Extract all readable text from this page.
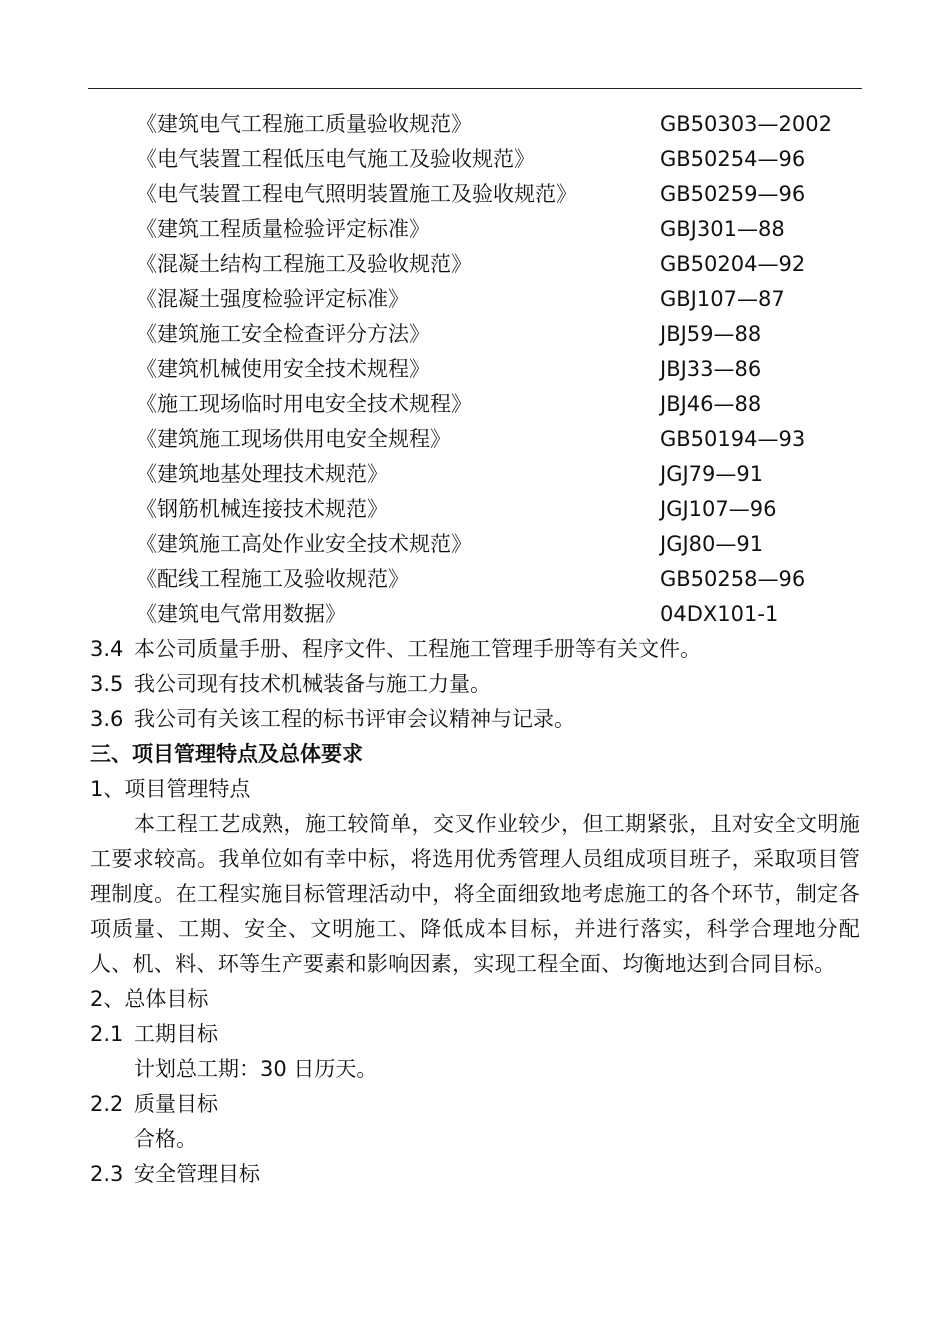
《建筑电气工程施工质量验收规范》	GB50303—2002
《电气装置工程低压电气施工及验收规范》	GB50254—96
《电气装置工程电气照明装置施工及验收规范》	GB50259—96
《建筑工程质量检验评定标准》	GBJ301—88
《混凝土结构工程施工及验收规范》	GB50204—92
《混凝土强度检验评定标准》	GBJ107—87
《建筑施工安全检查评分方法》	JBJ59—88
《建筑机械使用安全技术规程》	JBJ33—86
《施工现场临时用电安全技术规程》	JBJ46—88
《建筑施工现场供用电安全规程》	GB50194—93
《建筑地基处理技术规范》	JGJ79—91
《钢筋机械连接技术规范》	JGJ107—96
《建筑施工高处作业安全技术规范》	JGJ80—91
《配线工程施工及验收规范》	GB50258—96
《建筑电气常用数据》	04DX101-1
3.4 本公司质量手册、程序文件、工程施工管理手册等有关文件。
3.5 我公司现有技术机械装备与施工力量。
3.6 我公司有关该工程的标书评审会议精神与记录。
三、项目管理特点及总体要求
1、项目管理特点
本工程工艺成熟，施工较简单，交叉作业较少，但工期紧张，且对安全文明施工要求较高。我单位如有幸中标，将选用优秀管理人员组成项目班子，采取项目管理制度。在工程实施目标管理活动中，将全面细致地考虑施工的各个环节，制定各项质量、工期、安全、文明施工、降低成本目标，并进行落实，科学合理地分配人、机、料、环等生产要素和影响因素，实现工程全面、均衡地达到合同目标。
2、总体目标
2.1 工期目标
计划总工期：30 日历天。
2.2 质量目标
合格。
2.3 安全管理目标
